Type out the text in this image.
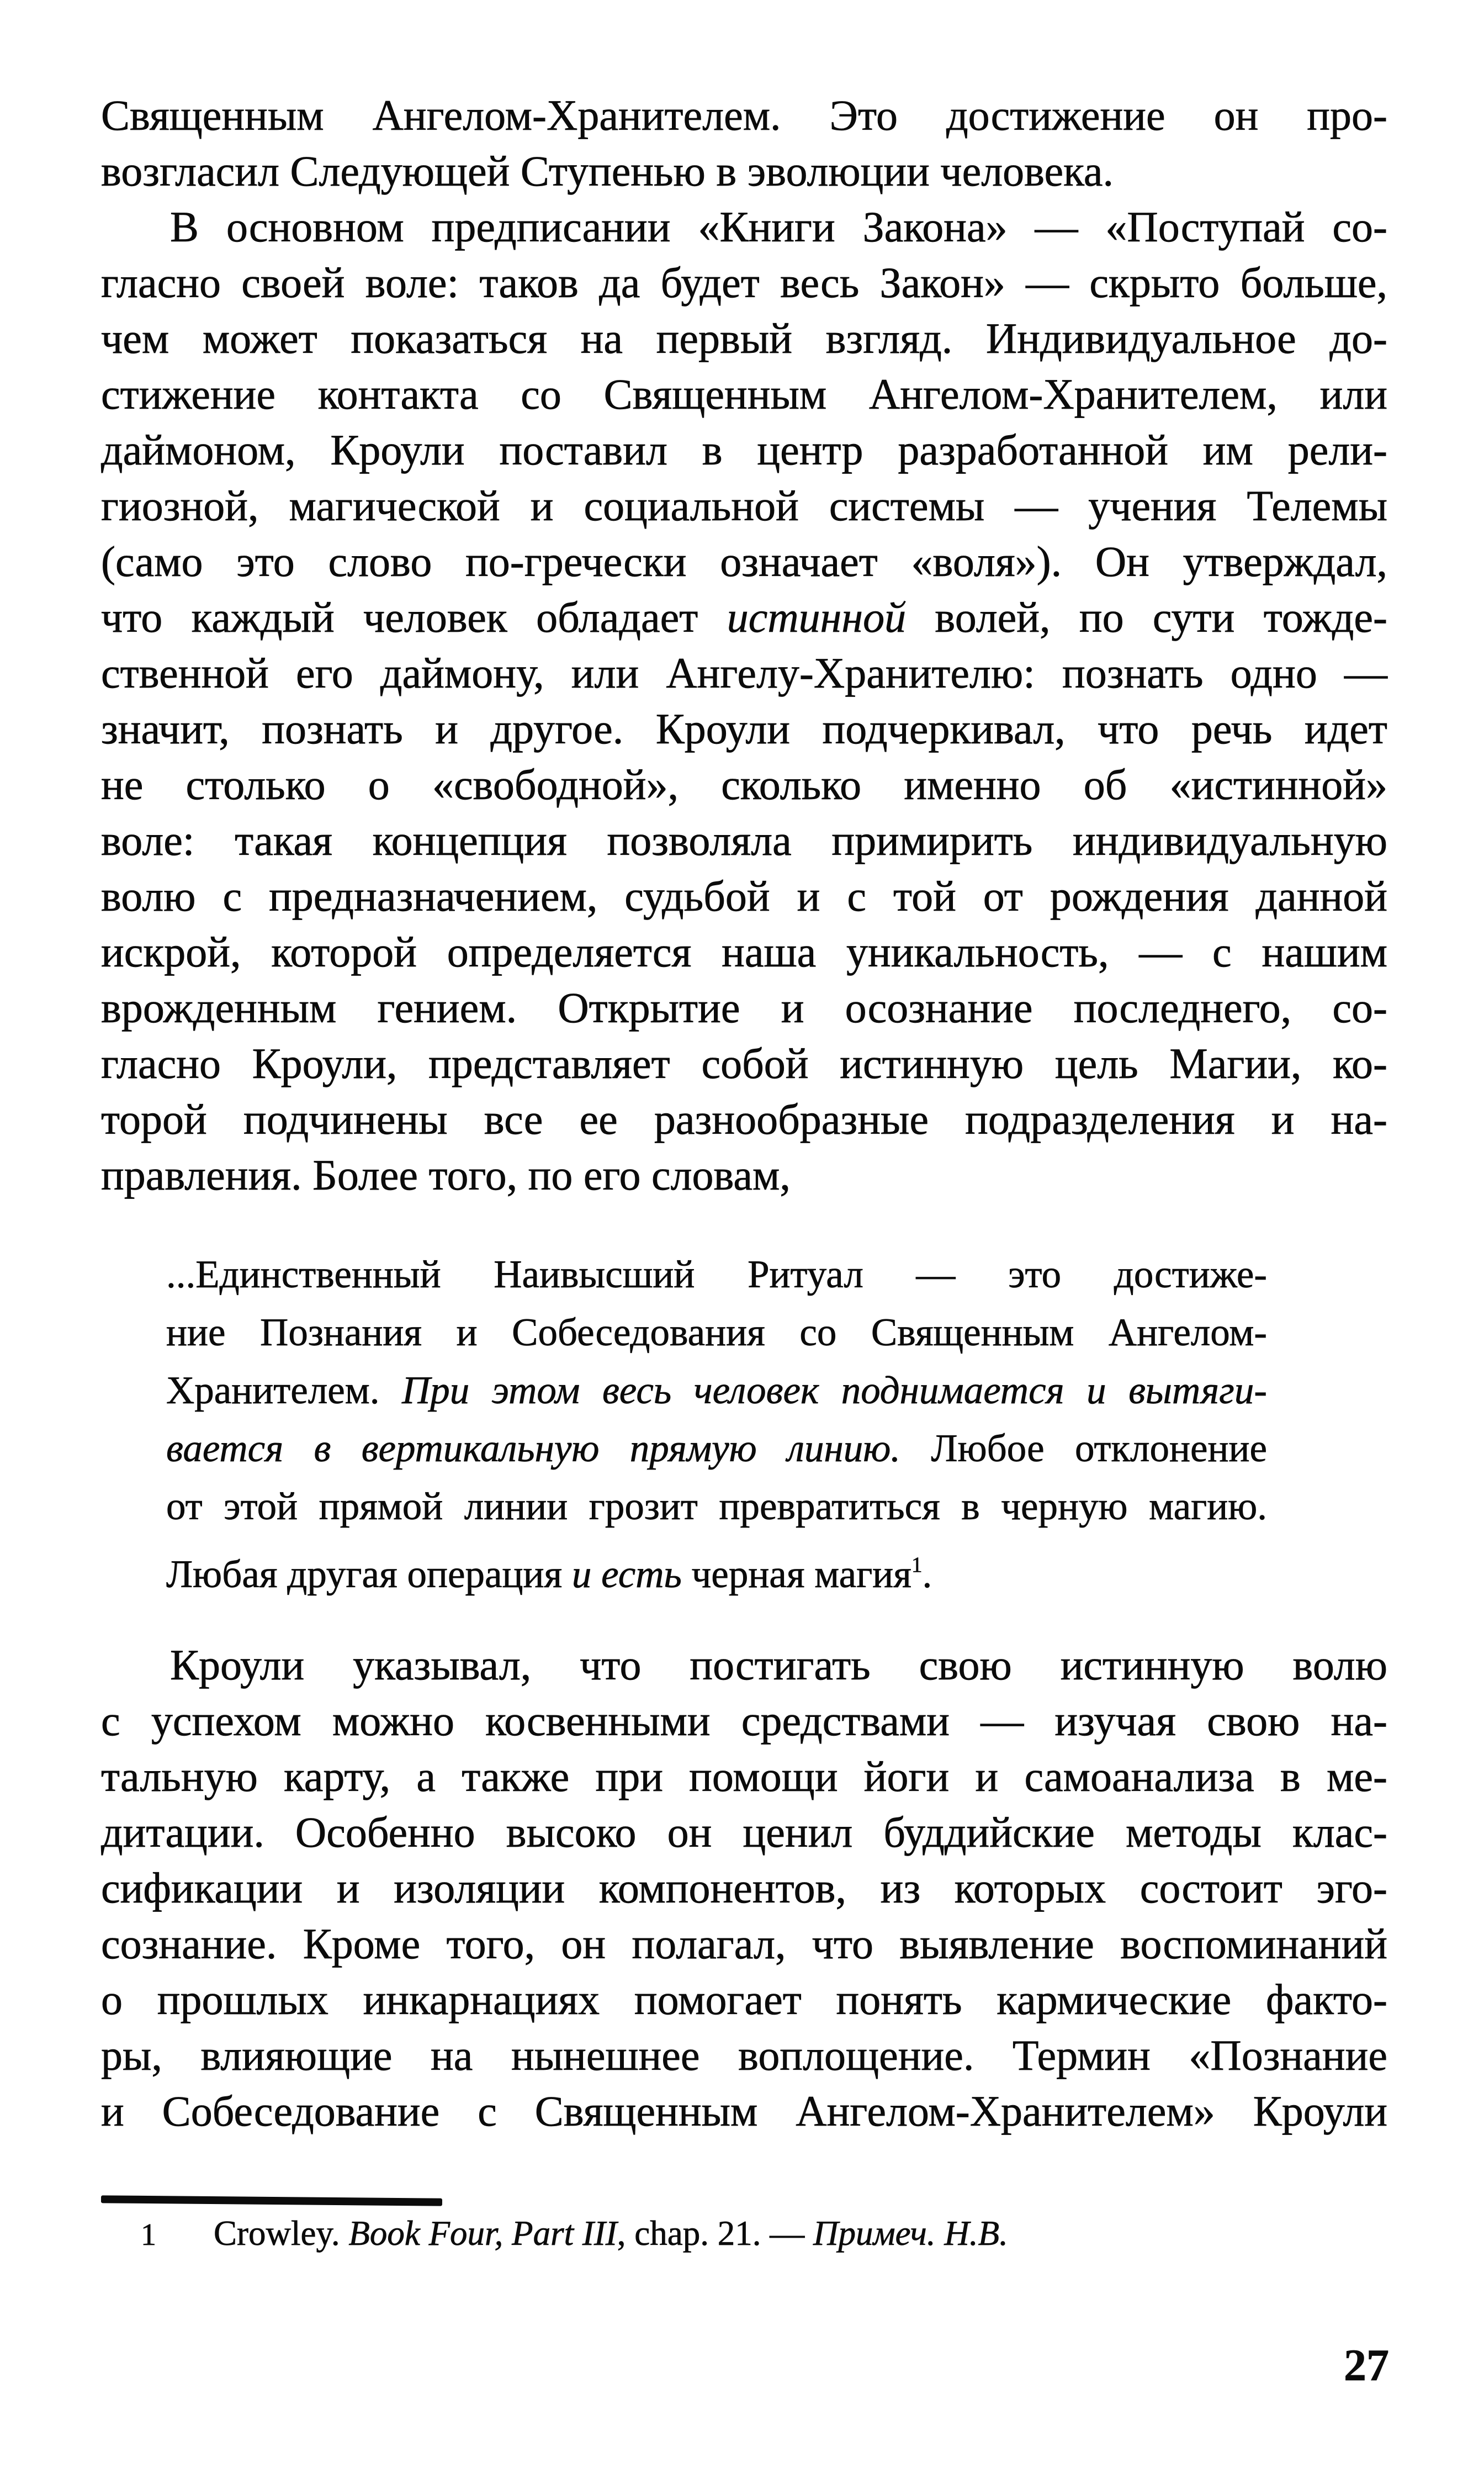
Священным Ангелом-Хранителем. Это достижение он про-
возгласил Следующей Ступенью в эволюции человека.
В основном предписании «Книги Закона» — «Поступай со-
гласно своей воле: таков да будет весь Закон» — скрыто больше,
чем может показаться на первый взгляд. Индивидуальное до-
стижение контакта со Священным Ангелом-Хранителем, или
даймоном, Кроули поставил в центр разработанной им рели-
гиозной, магической и социальной системы — учения Телемы
(само это слово по-гречески означает «воля»). Он утверждал,
что каждый человек обладает истинной волей, по сути тожде-
ственной его даймону, или Ангелу-Хранителю: познать одно —
значит, познать и другое. Кроули подчеркивал, что речь идет
не столько о «свободной», сколько именно об «истинной»
воле: такая концепция позволяла примирить индивидуальную
волю с предназначением, судьбой и с той от рождения данной
искрой, которой определяется наша уникальность, — с нашим
врожденным гением. Открытие и осознание последнего, со-
гласно Кроули, представляет собой истинную цель Магии, ко-
торой подчинены все ее разнообразные подразделения и на-
правления. Более того, по его словам,
...Единственный Наивысший Ритуал — это достиже-
ние Познания и Собеседования со Священным Ангелом-
Хранителем. При этом весь человек поднимается и вытяги-
вается в вертикальную прямую линию. Любое отклонение
от этой прямой линии грозит превратиться в черную магию.
Любая другая операция и есть черная магия$^1$.
Кроули указывал, что постигать свою истинную волю
с успехом можно косвенными средствами — изучая свою на-
тальную карту, а также при помощи йоги и самоанализа в ме-
дитации. Особенно высоко он ценил буддийские методы клас-
сификации и изоляции компонентов, из которых состоит эго-
сознание. Кроме того, он полагал, что выявление воспоминаний
о прошлых инкарнациях помогает понять кармические факто-
ры, влияющие на нынешнее воплощение. Термин «Познание
и Собеседование с Священным Ангелом-Хранителем» Кроули
1 Crowley. Book Four, Part III, chap. 21. — Примеч. Н.В.
27
